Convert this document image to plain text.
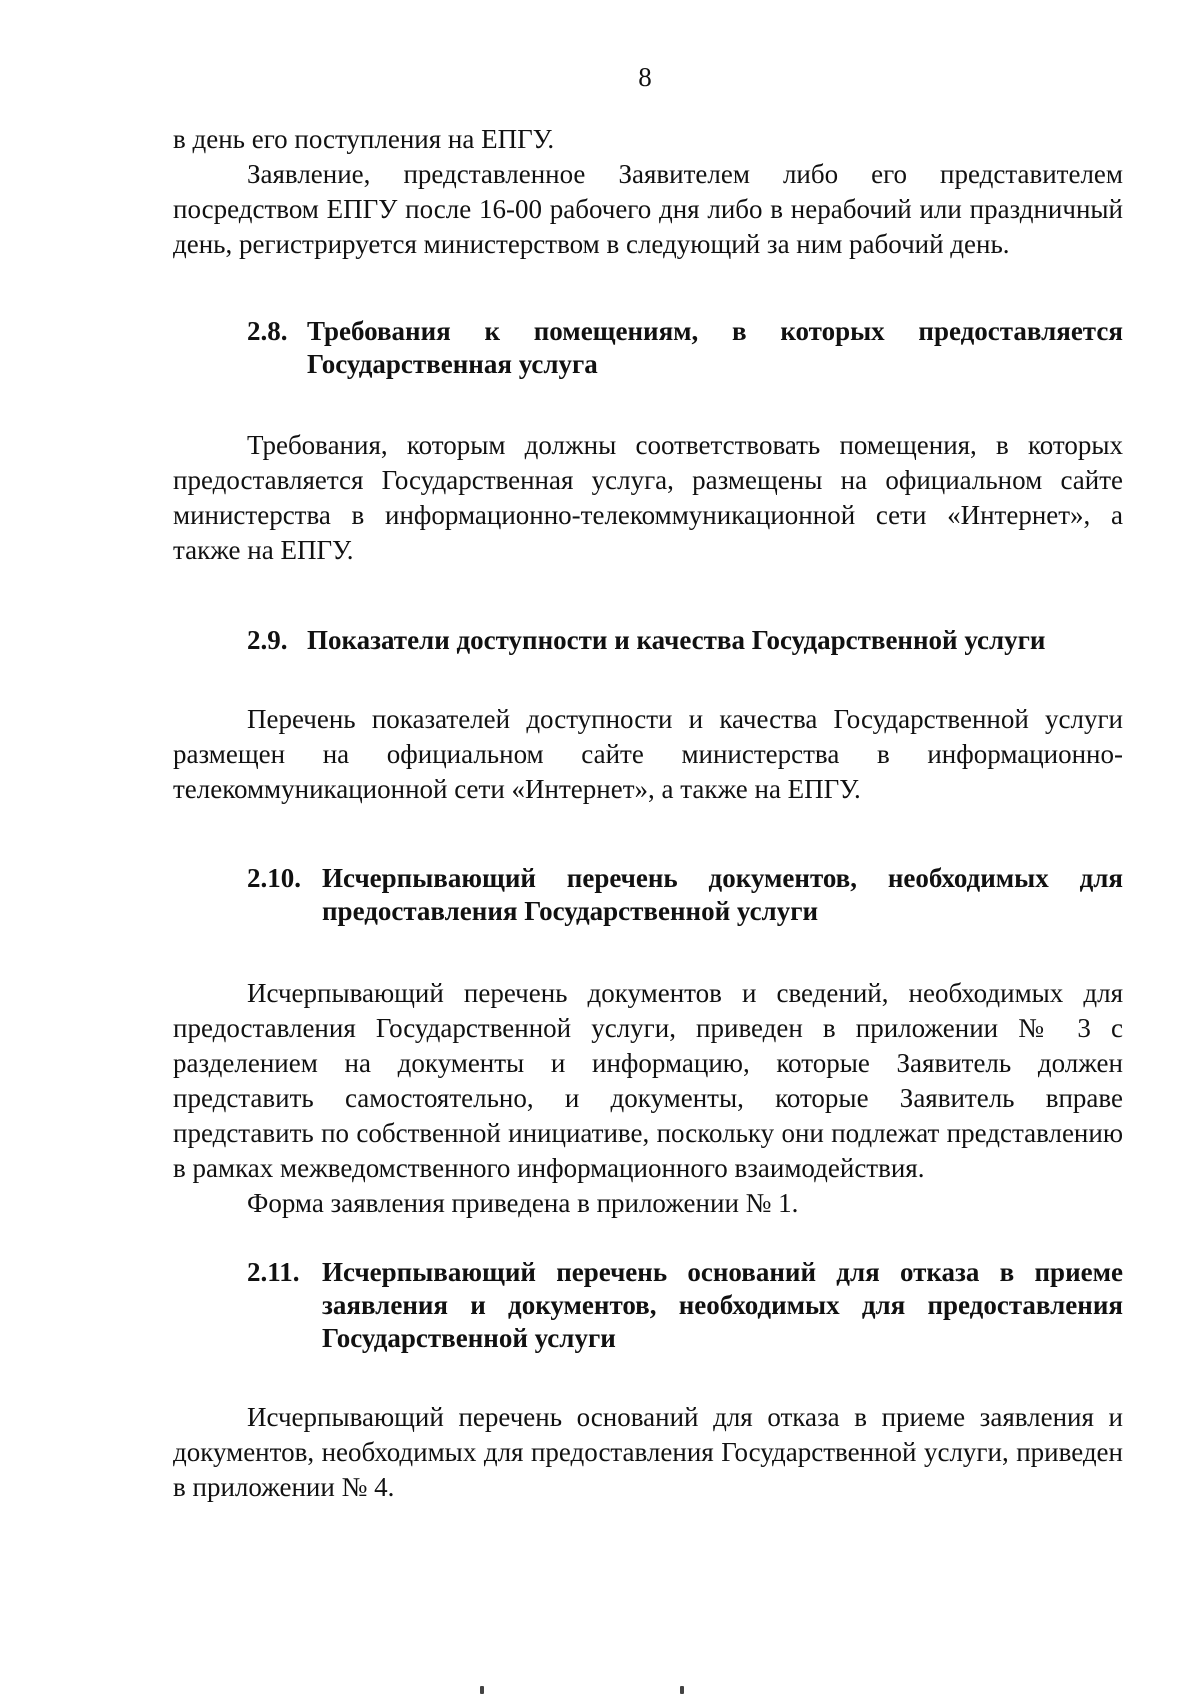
8

в день его поступления на ЕПГУ.

Заявление, представленное Заявителем либо его представителем посредством ЕПГУ после 16-00 рабочего дня либо в нерабочий или праздничный день, регистрируется министерством в следующий за ним рабочий день.

2.8. Требования к помещениям, в которых предоставляется Государственная услуга

Требования, которым должны соответствовать помещения, в которых предоставляется Государственная услуга, размещены на официальном сайте министерства в информационно-телекоммуникационной сети «Интернет», а также на ЕПГУ.

2.9. Показатели доступности и качества Государственной услуги

Перечень показателей доступности и качества Государственной услуги размещен на официальном сайте министерства в информационно-телекоммуникационной сети «Интернет», а также на ЕПГУ.

2.10. Исчерпывающий перечень документов, необходимых для предоставления Государственной услуги

Исчерпывающий перечень документов и сведений, необходимых для предоставления Государственной услуги, приведен в приложении № 3 с разделением на документы и информацию, которые Заявитель должен представить самостоятельно, и документы, которые Заявитель вправе представить по собственной инициативе, поскольку они подлежат представлению в рамках межведомственного информационного взаимодействия.

Форма заявления приведена в приложении № 1.

2.11. Исчерпывающий перечень оснований для отказа в приеме заявления и документов, необходимых для предоставления Государственной услуги

Исчерпывающий перечень оснований для отказа в приеме заявления и документов, необходимых для предоставления Государственной услуги, приведен в приложении № 4.
